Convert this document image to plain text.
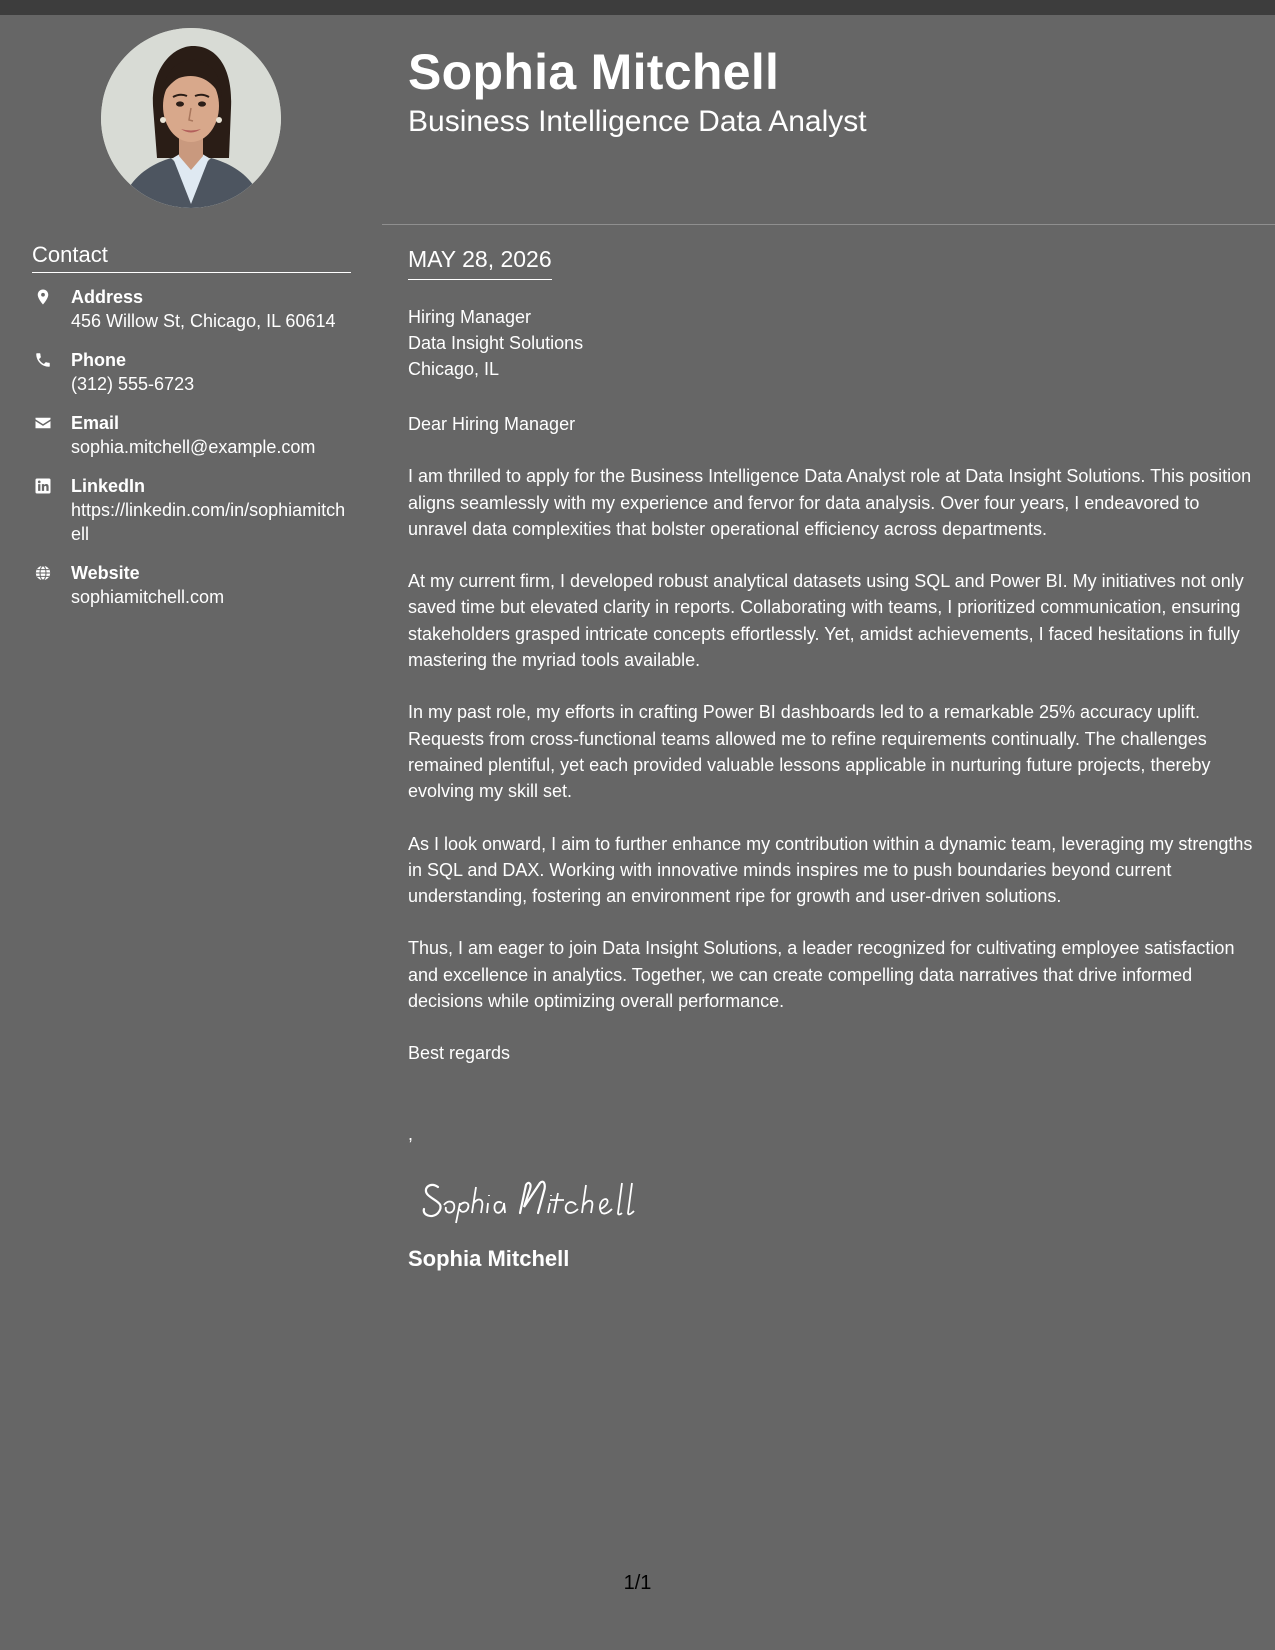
Contact
Address
456 Willow St, Chicago, IL 60614
Phone
(312) 555-6723
Email
sophia.mitchell@example.com
LinkedIn
https://linkedin.com/in/sophiamitchell
Website
sophiamitchell.com
Sophia Mitchell
Business Intelligence Data Analyst
MAY 28, 2026
Hiring Manager
Data Insight Solutions
Chicago, IL

Dear Hiring Manager

I am thrilled to apply for the Business Intelligence Data Analyst role at Data Insight Solutions. This position aligns seamlessly with my experience and fervor for data analysis. Over four years, I endeavored to unravel data complexities that bolster operational efficiency across departments.

At my current firm, I developed robust analytical datasets using SQL and Power BI. My initiatives not only saved time but elevated clarity in reports. Collaborating with teams, I prioritized communication, ensuring stakeholders grasped intricate concepts effortlessly. Yet, amidst achievements, I faced hesitations in fully mastering the myriad tools available.

In my past role, my efforts in crafting Power BI dashboards led to a remarkable 25% accuracy uplift. Requests from cross-functional teams allowed me to refine requirements continually. The challenges remained plentiful, yet each provided valuable lessons applicable in nurturing future projects, thereby evolving my skill set.

As I look onward, I aim to further enhance my contribution within a dynamic team, leveraging my strengths in SQL and DAX. Working with innovative minds inspires me to push boundaries beyond current understanding, fostering an environment ripe for growth and user-driven solutions.

Thus, I am eager to join Data Insight Solutions, a leader recognized for cultivating employee satisfaction and excellence in analytics. Together, we can create compelling data narratives that drive informed decisions while optimizing overall performance.

Best regards

,

Sophia Mitchell
1/1
